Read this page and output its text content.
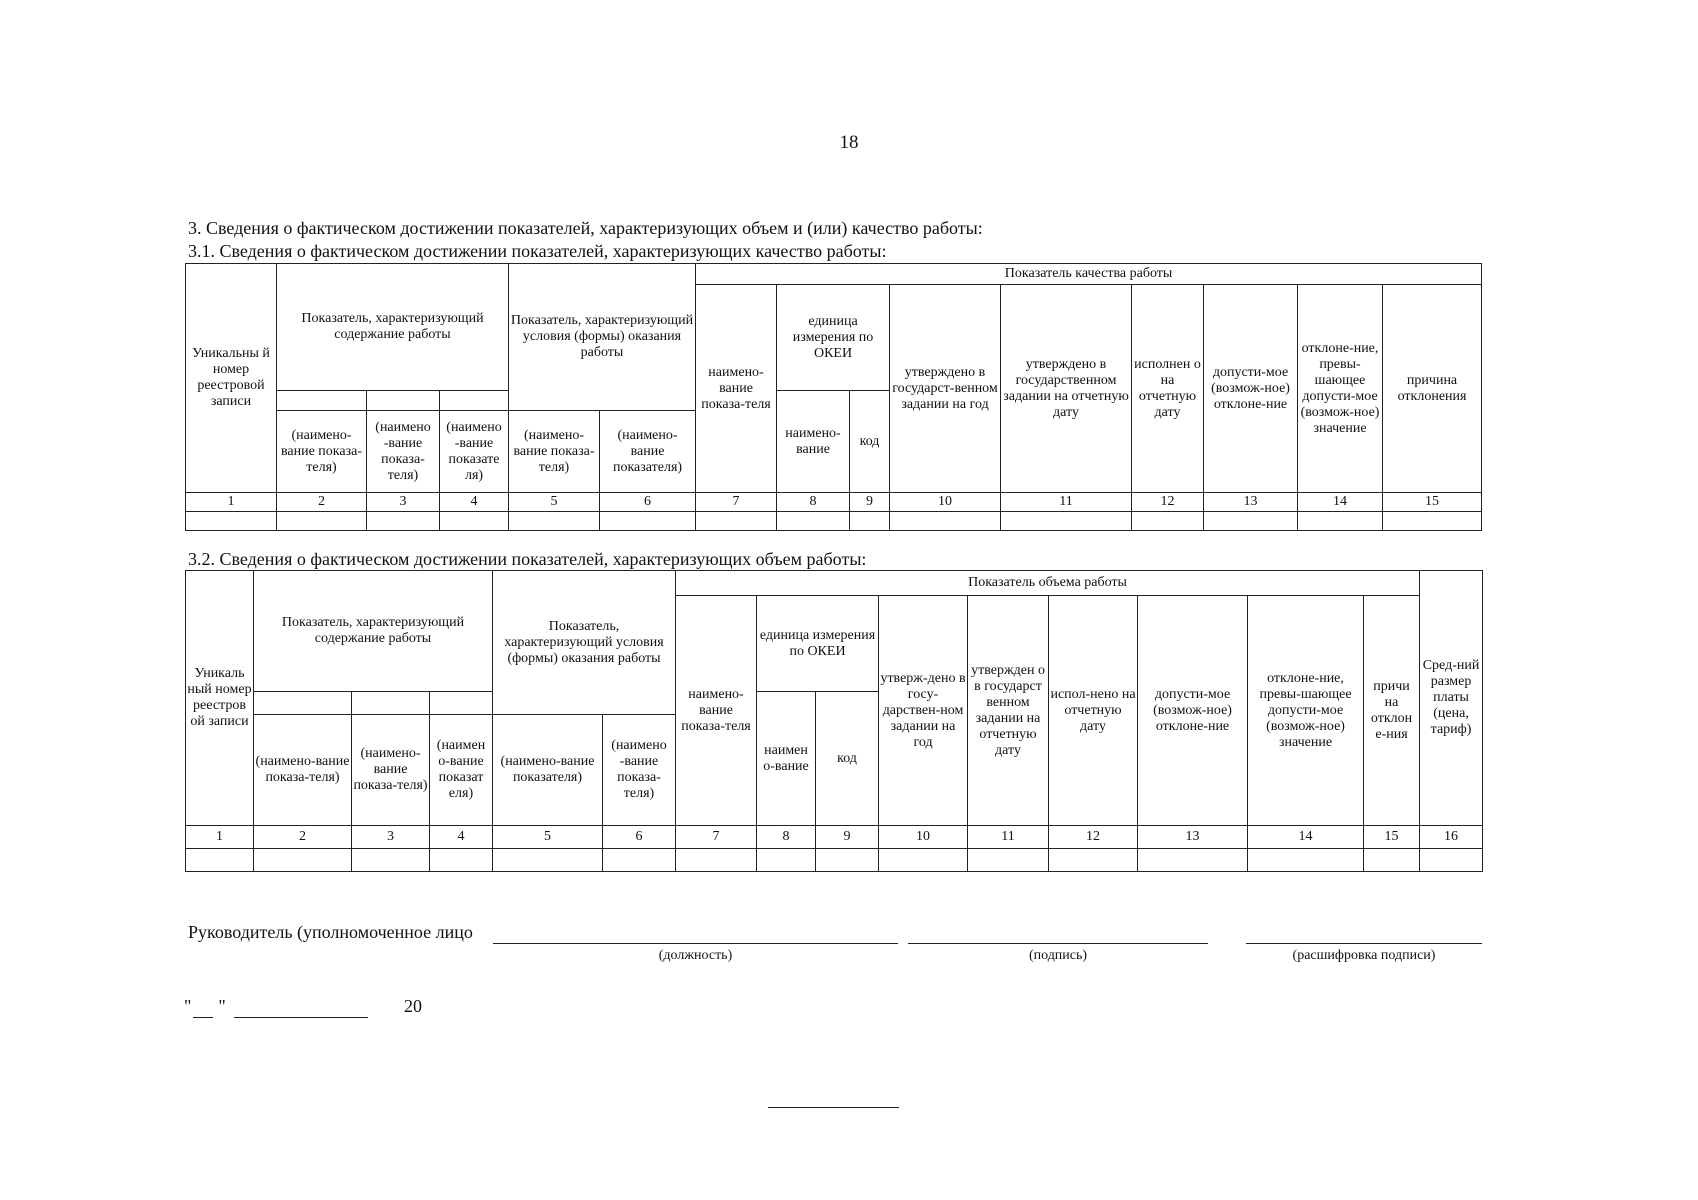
18
3. Сведения о фактическом достижении показателей, характеризующих объем и (или) качество работы:
3.1. Сведения о фактическом достижении показателей, характеризующих качество работы:
Уникальны й номер реестровой записи	Показатель, характеризующий содержание работы			Показатель, характеризующий условия (формы) оказания работы		Показатель качества работы								
						наимено-вание показа-теля	единица измерения по ОКЕИ		утверждено в государст-венном задании на год	утверждено в государственном задании на отчетную дату	исполнен о на отчетную дату	допусти-мое (возмож-ное) отклоне-ние	отклоне-ние, превы-шающее допусти-мое (возмож-ное) значение	причина отклонения
							наимено-вание	код						
	(наимено-вание показа-теля)	(наимено -вание показа-теля)	(наимено -вание показате ля)	(наимено-вание показа-теля)	(наимено-вание показателя)									
1	2	3	4	5	6	7	8	9	10	11	12	13	14	15

3.2. Сведения о фактическом достижении показателей, характеризующих объем работы:
Уникаль ный номер реестров ой записи	Показатель, характеризующий содержание работы			Показатель, характеризующий условия (формы) оказания работы		Показатель объема работы									Сред-ний размер платы (цена, тариф)
						наимено-вание показа-теля	единица измерения по ОКЕИ		утверж-дено в госу-дарствен-ном задании на год	утвержден о в государст венном задании на отчетную дату	испол-нено на отчетную дату	допусти-мое (возмож-ное) отклоне-ние	отклоне-ние, превы-шающее допусти-мое (возмож-ное) значение	причи на отклон е-ния	
							наимен о-вание	код							
	(наимено-вание показа-теля)	(наимено-вание показа-теля)	(наимен о-вание показат еля)	(наимено-вание показателя)	(наимено -вание показа-теля)										
1	2	3	4	5	6	7	8	9	10	11	12	13	14	15	16

Руководитель (уполномоченное лицо
(должность)	(подпись)	(расшифровка подписи)
"      "	20
